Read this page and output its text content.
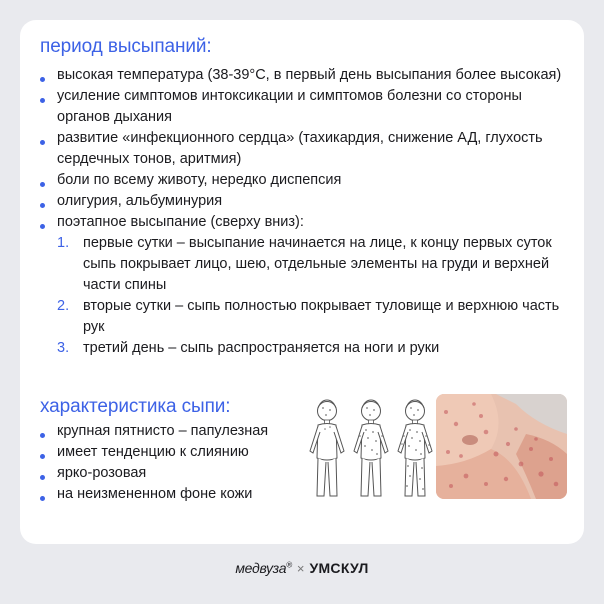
период высыпаний:
высокая температура (38-39°С, в первый день высыпания более высокая)
усиление симптомов интоксикации и симптомов болезни со стороны органов дыхания
развитие «инфекционного сердца» (тахикардия, снижение АД, глухость сердечных тонов, аритмия)
боли по всему животу, нередко диспепсия
олигурия, альбуминурия
поэтапное высыпание (сверху вниз):
1. первые сутки – высыпание начинается на лице, к концу первых суток сыпь покрывает лицо, шею, отдельные элементы на груди и верхней части спины
2. вторые сутки – сыпь полностью покрывает туловище и верхнюю часть рук
3. третий день – сыпь распространяется на ноги и руки
характеристика сыпи:
крупная пятнисто – папулезная
имеет тенденцию к слиянию
ярко-розовая
на неизмененном фоне кожи
медвуза® × УМСКУЛ
